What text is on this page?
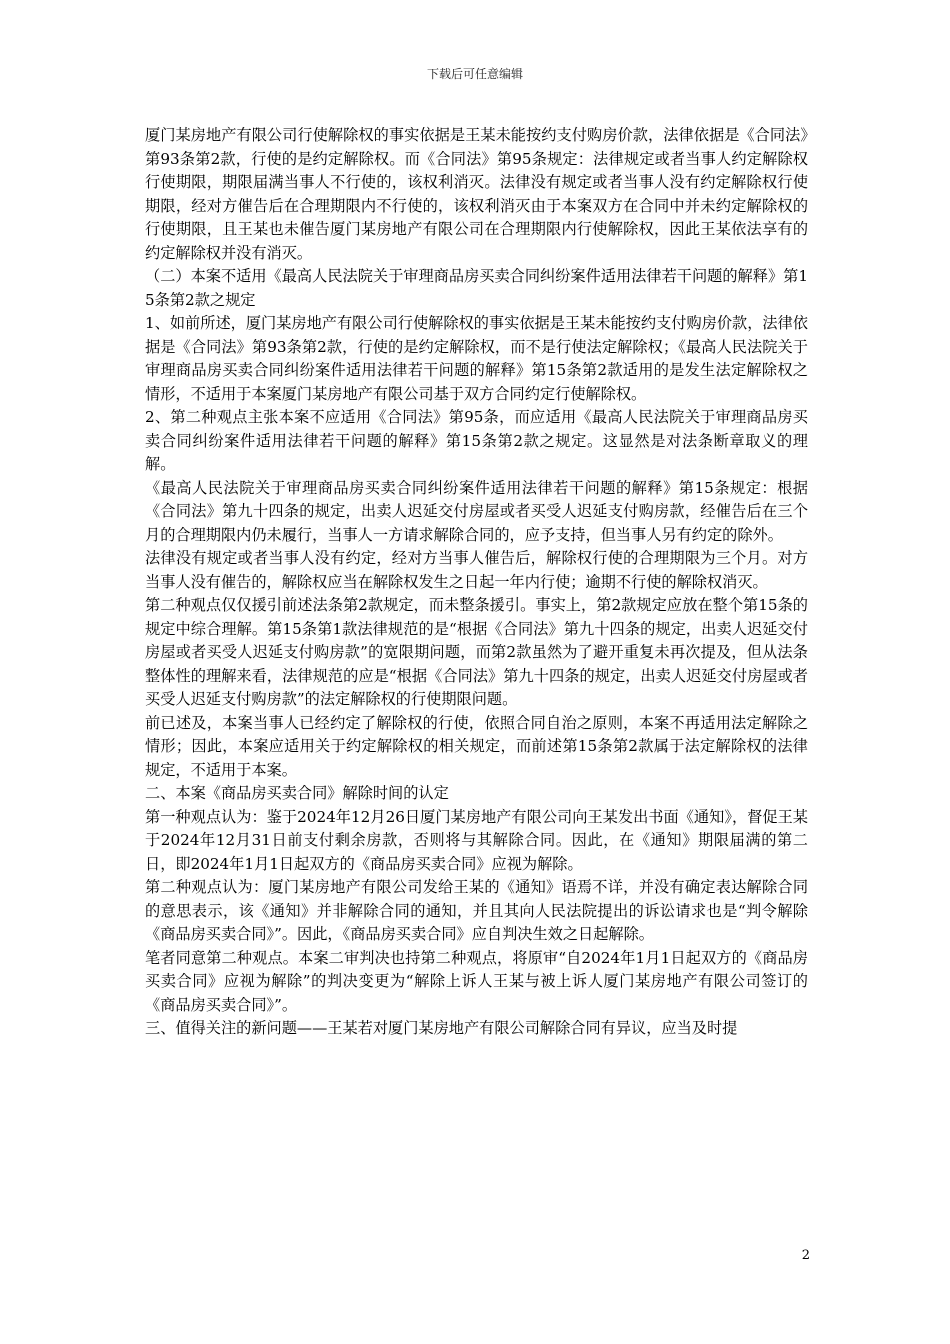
下载后可任意编辑

厦门某房地产有限公司行使解除权的事实依据是王某未能按约支付购房价款，法律依据是《合同法》第93条第2款，行使的是约定解除权。而《合同法》第95条规定：法律规定或者当事人约定解除权行使期限，期限届满当事人不行使的，该权利消灭。法律没有规定或者当事人没有约定解除权行使期限，经对方催告后在合理期限内不行使的，该权利消灭由于本案双方在合同中并未约定解除权的行使期限，且王某也未催告厦门某房地产有限公司在合理期限内行使解除权，因此王某依法享有的约定解除权并没有消灭。

（二）本案不适用《最高人民法院关于审理商品房买卖合同纠纷案件适用法律若干问题的解释》第15条第2款之规定

1、如前所述，厦门某房地产有限公司行使解除权的事实依据是王某未能按约支付购房价款，法律依据是《合同法》第93条第2款，行使的是约定解除权，而不是行使法定解除权；《最高人民法院关于审理商品房买卖合同纠纷案件适用法律若干问题的解释》第15条第2款适用的是发生法定解除权之情形，不适用于本案厦门某房地产有限公司基于双方合同约定行使解除权。

2、第二种观点主张本案不应适用《合同法》第95条，而应适用《最高人民法院关于审理商品房买卖合同纠纷案件适用法律若干问题的解释》第15条第2款之规定。这显然是对法条断章取义的理解。

《最高人民法院关于审理商品房买卖合同纠纷案件适用法律若干问题的解释》第15条规定：根据《合同法》第九十四条的规定，出卖人迟延交付房屋或者买受人迟延支付购房款，经催告后在三个月的合理期限内仍未履行，当事人一方请求解除合同的，应予支持，但当事人另有约定的除外。

法律没有规定或者当事人没有约定，经对方当事人催告后，解除权行使的合理期限为三个月。对方当事人没有催告的，解除权应当在解除权发生之日起一年内行使；逾期不行使的解除权消灭。

第二种观点仅仅援引前述法条第2款规定，而未整条援引。事实上，第2款规定应放在整个第15条的规定中综合理解。第15条第1款法律规范的是“根据《合同法》第九十四条的规定，出卖人迟延交付房屋或者买受人迟延支付购房款”的宽限期问题，而第2款虽然为了避开重复未再次提及，但从法条整体性的理解来看，法律规范的应是“根据《合同法》第九十四条的规定，出卖人迟延交付房屋或者买受人迟延支付购房款”的法定解除权的行使期限问题。

前已述及，本案当事人已经约定了解除权的行使，依照合同自治之原则，本案不再适用法定解除之情形；因此，本案应适用关于约定解除权的相关规定，而前述第15条第2款属于法定解除权的法律规定，不适用于本案。

二、本案《商品房买卖合同》解除时间的认定

第一种观点认为：鉴于2024年12月26日厦门某房地产有限公司向王某发出书面《通知》，督促王某于2024年12月31日前支付剩余房款，否则将与其解除合同。因此，在《通知》期限届满的第二日，即2024年1月1日起双方的《商品房买卖合同》应视为解除。

第二种观点认为：厦门某房地产有限公司发给王某的《通知》语焉不详，并没有确定表达解除合同的意思表示，该《通知》并非解除合同的通知，并且其向人民法院提出的诉讼请求也是“判令解除《商品房买卖合同》”。因此，《商品房买卖合同》应自判决生效之日起解除。

笔者同意第二种观点。本案二审判决也持第二种观点，将原审“自2024年1月1日起双方的《商品房买卖合同》应视为解除”的判决变更为“解除上诉人王某与被上诉人厦门某房地产有限公司签订的《商品房买卖合同》”。

三、值得关注的新问题——王某若对厦门某房地产有限公司解除合同有异议，应当及时提

2
